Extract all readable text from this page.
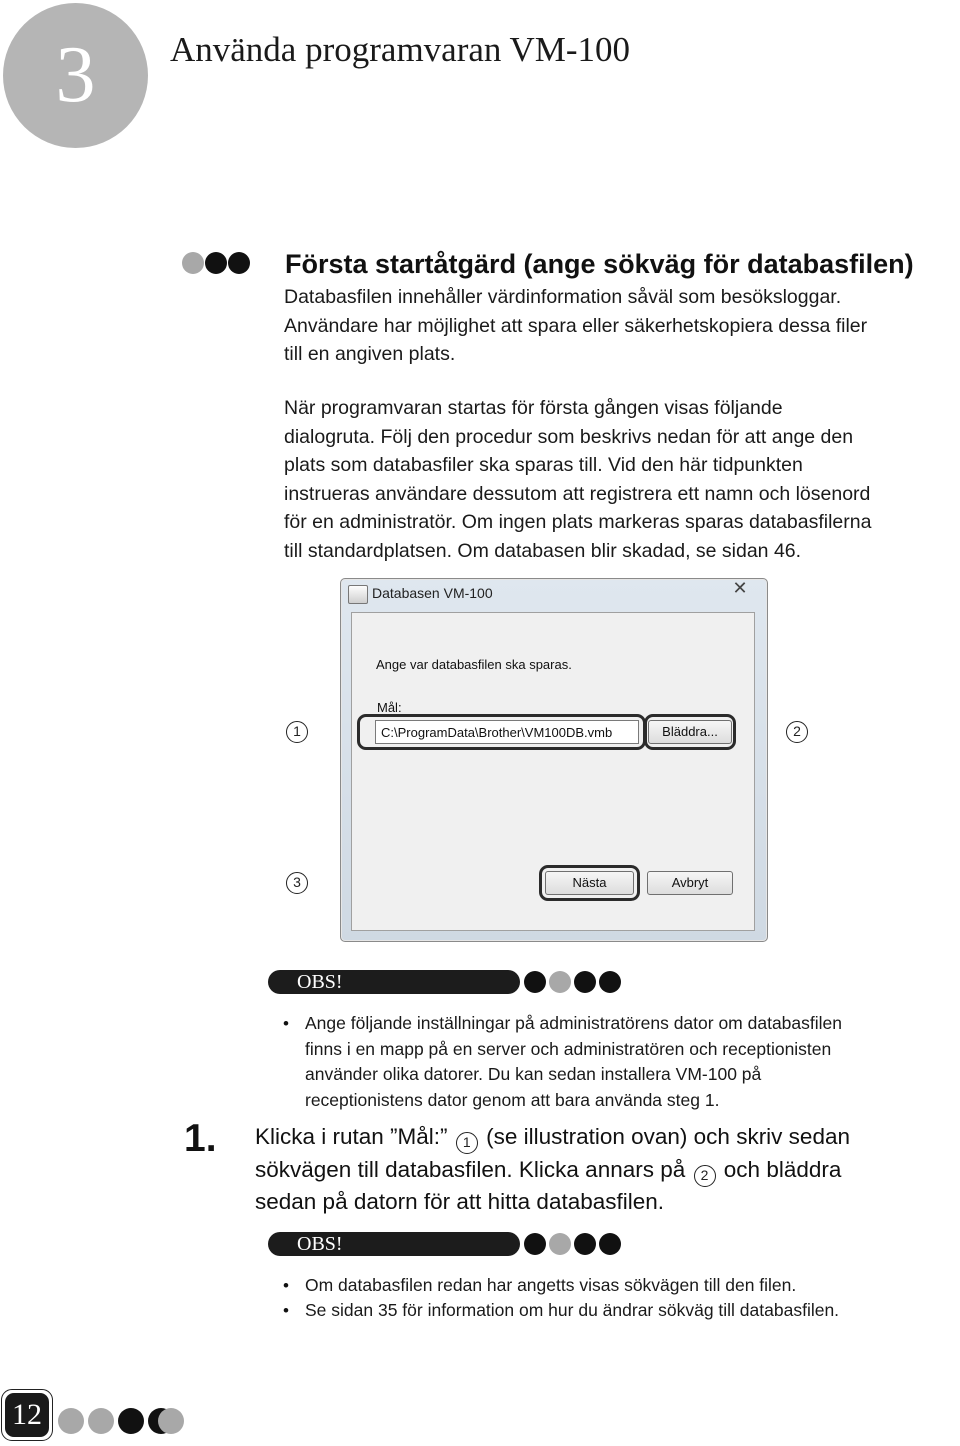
3	Använda programvaran VM-100
Första startåtgärd (ange sökväg för databasfilen)

Databasfilen innehåller värdinformation såväl som besöksloggar.

Användare har möjlighet att spara eller säkerhetskopiera dessa filer

till en angiven plats.

När programvaran startas för första gången visas följande

dialogruta. Följ den procedur som beskrivs nedan för att ange den

plats som databasfiler ska sparas till. Vid den här tidpunkten

instrueras användare dessutom att registrera ett namn och lösenord

för en administratör. Om ingen plats markeras sparas databasfilerna

till standardplatsen. Om databasen blir skadad, se sidan 46.

Databasen VM-100	✕
Ange var databasfilen ska sparas.
Mål:
C:\ProgramData\Brother\VM100DB.vmb	Bläddra...
Nästa	Avbryt
1	2
3
OBS!
• Ange följande inställningar på administratörens dator om databasfilen
finns i en mapp på en server och administratören och receptionisten
använder olika datorer. Du kan sedan installera VM-100 på
receptionistens dator genom att bara använda steg 1.
1. Klicka i rutan ”Mål:” 1 (se illustration ovan) och skriv sedan
sökvägen till databasfilen. Klicka annars på 2 och bläddra
sedan på datorn för att hitta databasfilen.
OBS!
• Om databasfilen redan har angetts visas sökvägen till den filen.
• Se sidan 35 för information om hur du ändrar sökväg till databasfilen.
12
